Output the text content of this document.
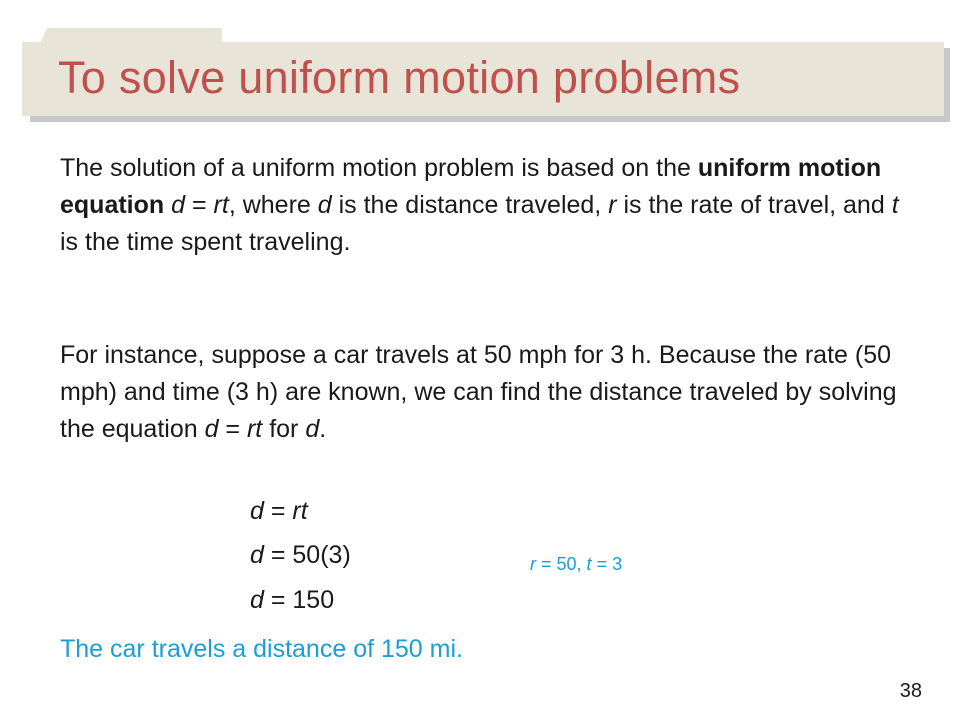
To solve uniform motion problems

The solution of a uniform motion problem is based on the uniform motion equation d = rt, where d is the distance traveled, r is the rate of travel, and t is the time spent traveling.

For instance, suppose a car travels at 50 mph for 3 h. Because the rate (50 mph) and time (3 h) are known, we can find the distance traveled by solving the equation d = rt for d.

d = rt
d = 50(3)
d = 150
r = 50, t = 3

The car travels a distance of 150 mi.

38
